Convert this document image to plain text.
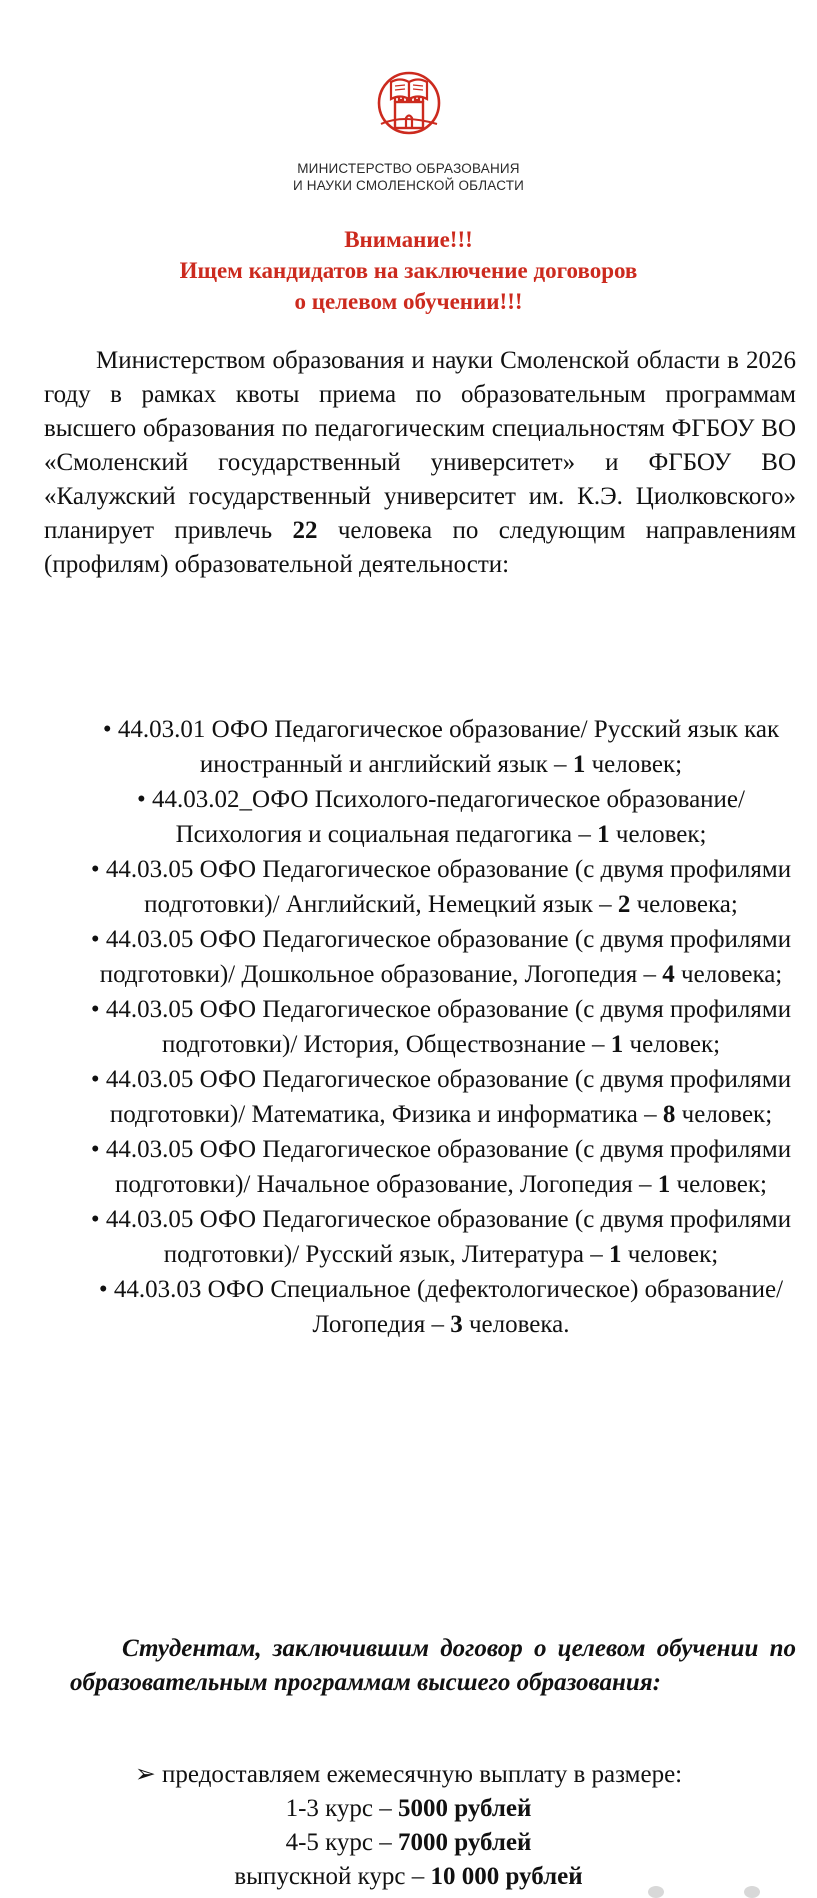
МИНИСТЕРСТВО ОБРАЗОВАНИЯ
И НАУКИ СМОЛЕНСКОЙ ОБЛАСТИ
Внимание!!!
Ищем кандидатов на заключение договоров
о целевом обучении!!!

Министерством образования и науки Смоленской области в 2026 году в рамках квоты приема по образовательным программам высшего образования по педагогическим специальностям ФГБОУ ВО «Смоленский государственный университет» и ФГБОУ ВО «Калужский государственный университет им. К.Э. Циолковского» планирует привлечь 22 человека по следующим направлениям (профилям) образовательной деятельности:

• 44.03.01 ОФО Педагогическое образование/ Русский язык как иностранный и английский язык – 1 человек;
• 44.03.02_ОФО Психолого-педагогическое образование/ Психология и социальная педагогика – 1 человек;
• 44.03.05 ОФО Педагогическое образование (с двумя профилями подготовки)/ Английский, Немецкий язык – 2 человека;
• 44.03.05 ОФО Педагогическое образование (с двумя профилями подготовки)/ Дошкольное образование, Логопедия – 4 человека;
• 44.03.05 ОФО Педагогическое образование (с двумя профилями подготовки)/ История, Обществознание – 1 человек;
• 44.03.05 ОФО Педагогическое образование (с двумя профилями подготовки)/ Математика, Физика и информатика – 8 человек;
• 44.03.05 ОФО Педагогическое образование (с двумя профилями подготовки)/ Начальное образование, Логопедия – 1 человек;
• 44.03.05 ОФО Педагогическое образование (с двумя профилями подготовки)/ Русский язык, Литература – 1 человек;
• 44.03.03 ОФО Специальное (дефектологическое) образование/Логопедия – 3 человека.
Студентам, заключившим договор о целевом обучении по образовательным программам высшего образования:
➢ предоставляем ежемесячную выплату в размере:
1-3 курс – 5000 рублей
4-5 курс – 7000 рублей
выпускной курс – 10 000 рублей
